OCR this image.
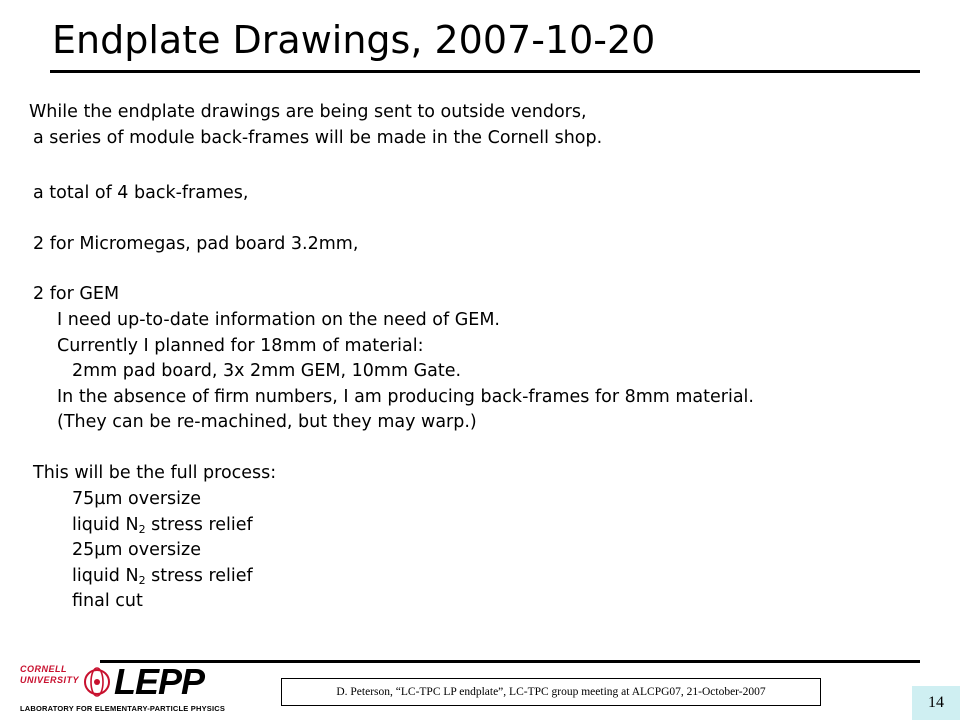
Endplate Drawings, 2007-10-20
While the endplate drawings are being sent to outside vendors,
a series of module back-frames will be made in the Cornell shop.
a total of 4 back-frames,
2 for Micromegas, pad board 3.2mm,
2 for GEM
I need up-to-date information on the need of GEM.
Currently I planned for 18mm of material:
2mm pad board, 3x 2mm GEM, 10mm Gate.
In the absence of firm numbers, I am producing back-frames for 8mm material.
(They can be re-machined, but they may warp.)
This will be the full process:
75µm oversize
liquid $N_2$ stress relief
25µm oversize
liquid $N_2$ stress relief
final cut
CORNELL
UNIVERSITY LEPP
LABORATORY FOR ELEMENTARY-PARTICLE PHYSICS
D. Peterson, “LC-TPC LP endplate”, LC-TPC group meeting at ALCPG07, 21-October-2007
14
